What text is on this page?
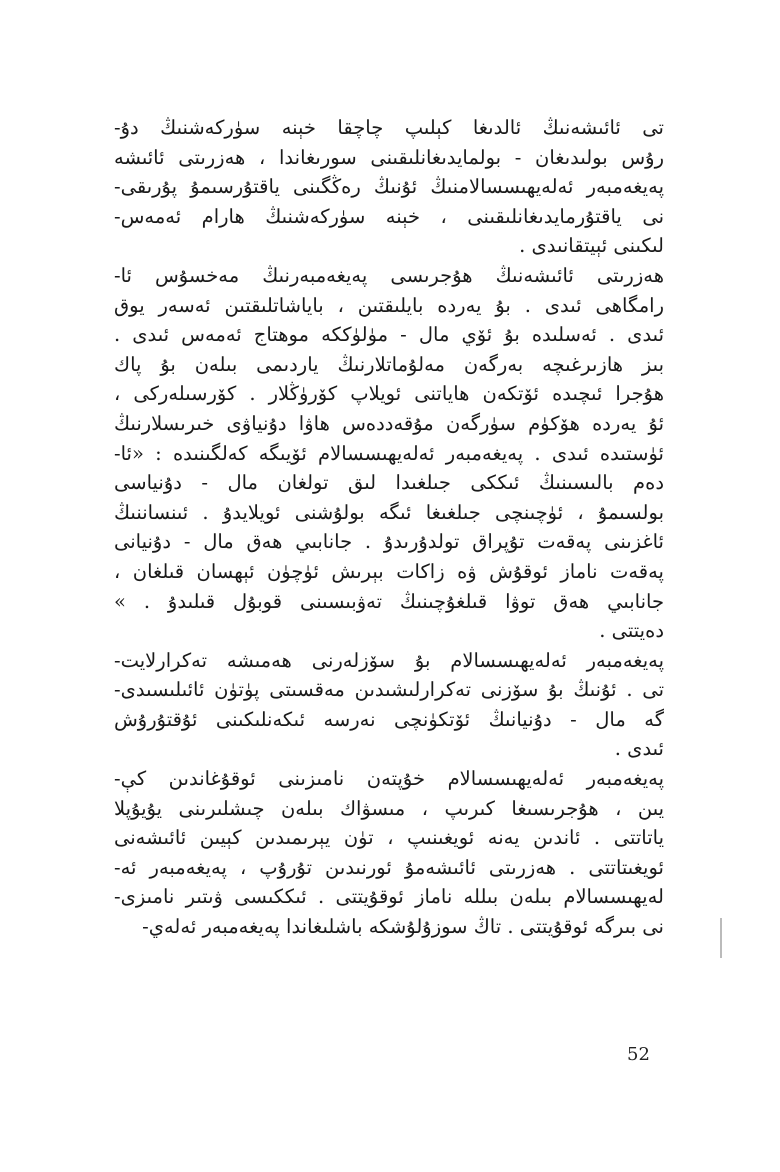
تى ئائىشەنىڭ ئالدىغا كېلىپ چاچقا خېنە سۈركەشنىڭ دۇ-
رۇس بولىدىغان - بولمايدىغانلىقىنى سورىغاندا ، ھەزرىتى ئائىشە
پەيغەمبەر ئەلەيھىسسالامنىڭ ئۇنىڭ رەڭگىنى ياقتۇرسىمۇ پۇرىقى-
نى ياقتۇرمايدىغانلىقىنى ، خېنە سۈركەشنىڭ ھارام ئەمەس-
لىكىنى ئېيتقانىدى .
ھەزرىتى ئائىشەنىڭ ھۇجرىسى پەيغەمبەرنىڭ مەخسۇس ئا-
رامگاھى ئىدى . بۇ يەردە بايلىقتىن ، باياشاتلىقتىن ئەسەر يوق
ئىدى . ئەسلىدە بۇ ئۆي مال - مۈلۈككە موھتاج ئەمەس ئىدى .
بىز ھازىرغىچە بەرگەن مەلۇماتلارنىڭ ياردىمى بىلەن بۇ پاك
ھۇجرا ئىچىدە ئۆتكەن ھاياتنى ئويلاپ كۆرۈڭلار . كۆرسىلەركى ،
ئۇ يەردە ھۆكۈم سۈرگەن مۇقەددەس ھاۋا دۇنياۋى خىرىسلارنىڭ
ئۈستىدە ئىدى . پەيغەمبەر ئەلەيھىسسالام ئۆيىگە كەلگىنىدە : «ئا-
دەم بالىسىنىڭ ئىككى جىلغىدا لىق تولغان مال - دۇنياسى
بولسىمۇ ، ئۈچىنچى جىلغىغا ئىگە بولۇشنى ئويلايدۇ . ئىنساننىڭ
ئاغزىنى پەقەت تۇپراق تولدۇرىدۇ . جانابىي ھەق مال - دۇنيانى
پەقەت ناماز ئوقۇش ۋە زاكات بېرىش ئۈچۈن ئېھسان قىلغان ،
جانابىي ھەق توۋا قىلغۇچىنىڭ تەۋبىسىنى قوبۇل قىلىدۇ . »
دەيتتى .
پەيغەمبەر ئەلەيھىسسالام بۇ سۆزلەرنى ھەمىشە تەكرارلايت-
تى . ئۇنىڭ بۇ سۆزنى تەكرارلىشىدىن مەقسىتى پۈتۈن ئائىلىسىدى-
گە مال - دۇنيانىڭ ئۆتكۈنچى نەرسە ئىكەنلىكىنى ئۇقتۇرۇش
ئىدى .
پەيغەمبەر ئەلەيھىسسالام خۇپتەن نامىزىنى ئوقۇغاندىن كې-
يىن ، ھۇجرىسىغا كىرىپ ، مىسۋاك بىلەن چىشلىرىنى يۇيۇپلا
ياتاتتى . ئاندىن يەنە ئويغىنىپ ، تۈن يېرىمىدىن كېيىن ئائىشەنى
ئويغىتاتتى . ھەزرىتى ئائىشەمۇ ئورنىدىن تۇرۇپ ، پەيغەمبەر ئە-
لەيھىسسالام بىلەن بىللە ناماز ئوقۇيتتى . ئىككىسى ۋىتىر نامىزى-
نى بىرگە ئوقۇيتتى . تاڭ سوزۇلۇشكە باشلىغاندا پەيغەمبەر ئەلەي-
52
